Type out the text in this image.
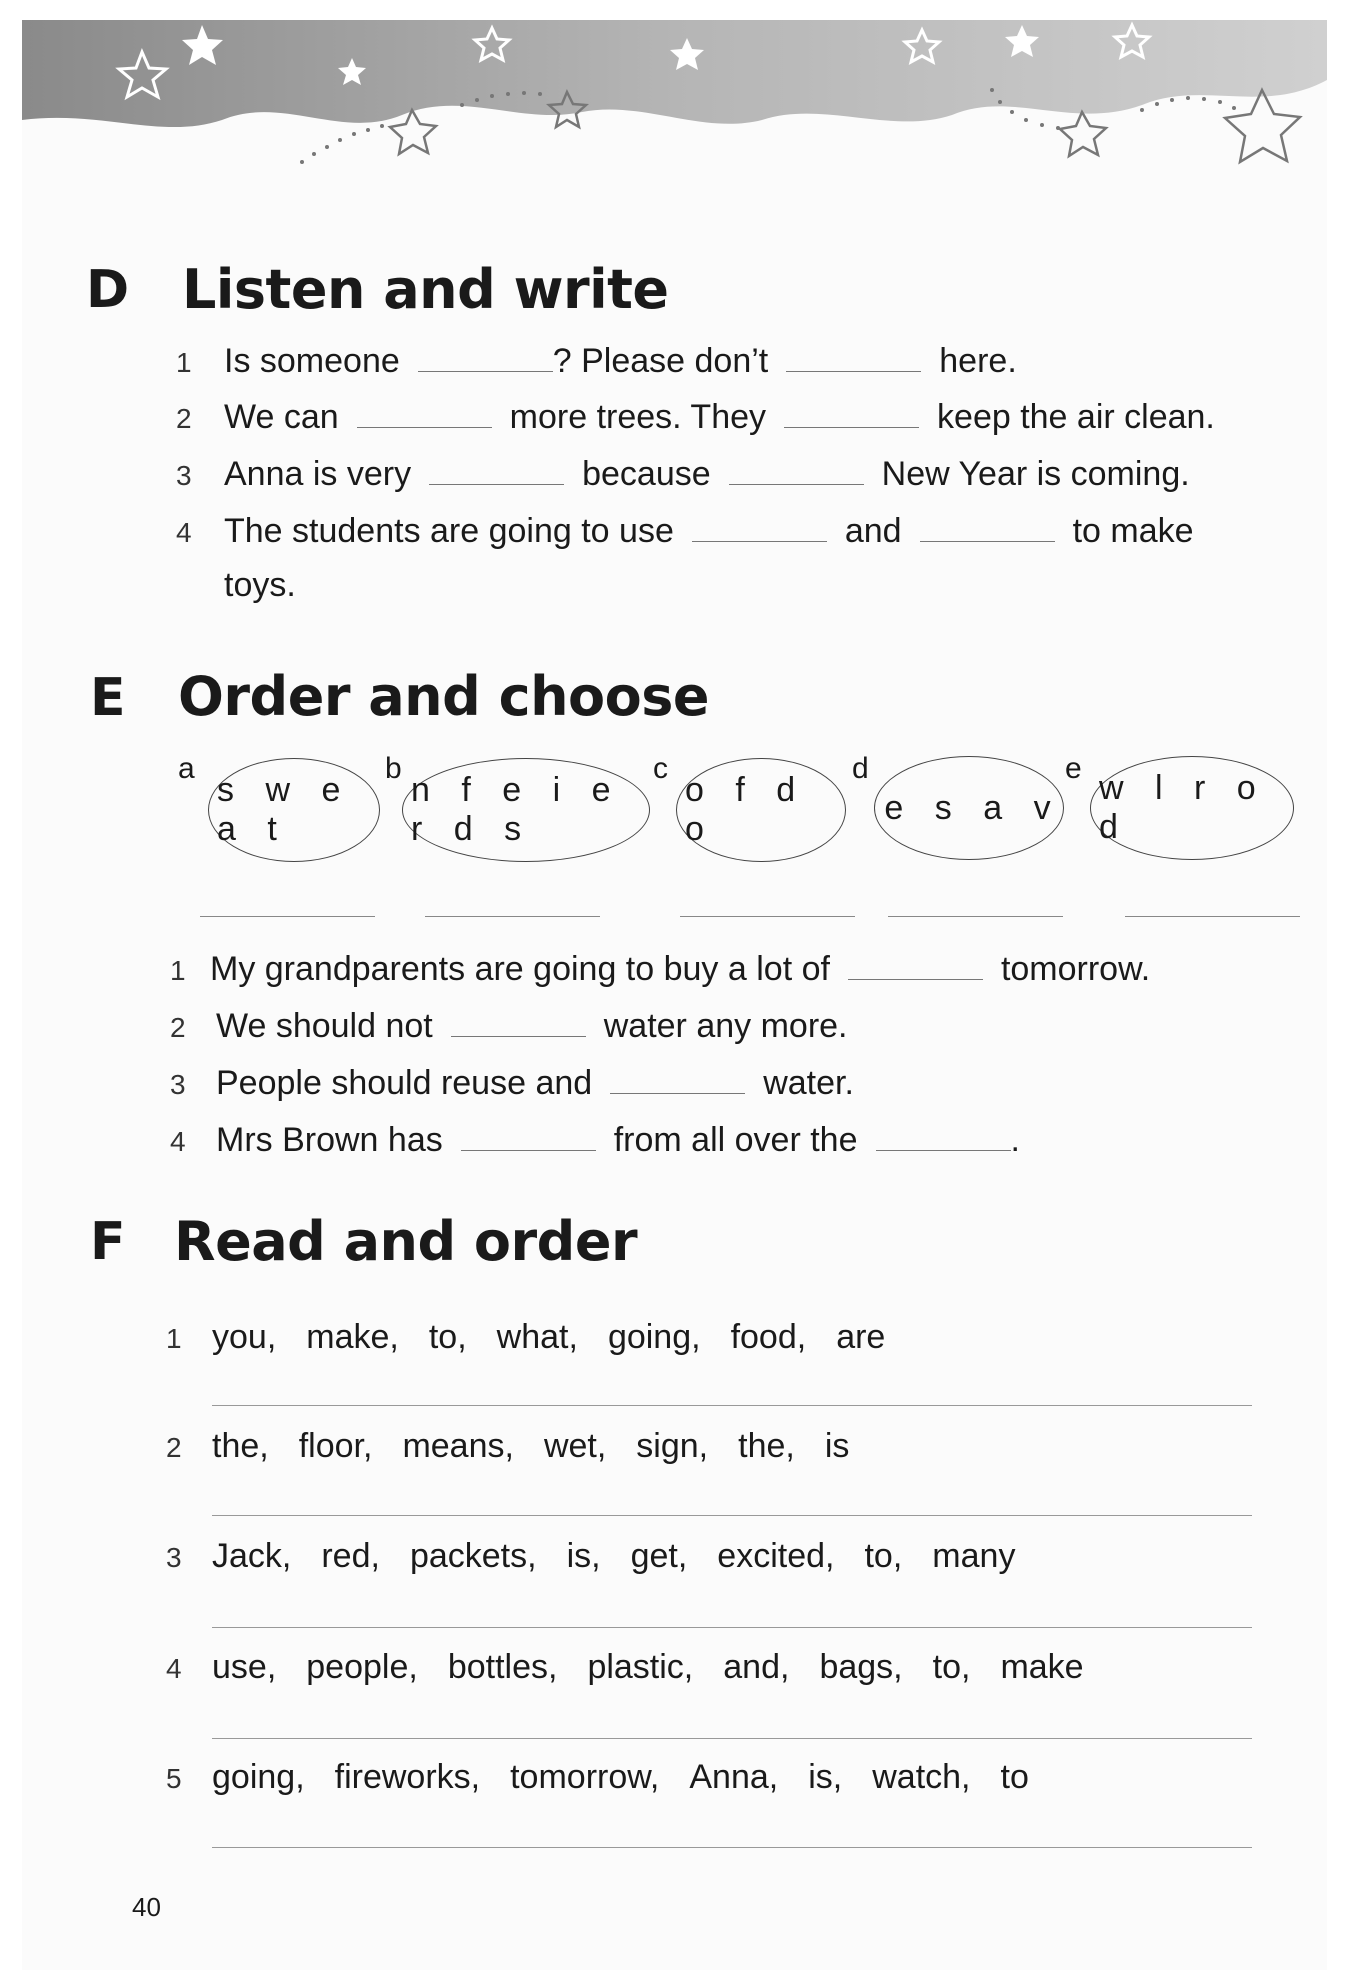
D Listen and write
1 Is someone	? Please don’t	here.
2 We can	more trees. They	keep the air clean.
3 Anna is very	because	New Year is coming.
4 The students are going to use	and	to make
toys.
E Order and choose
a
s w e a t
b
n f e i e r d s
c
o f d o
d
e s a v
e
w l r o d
1 My grandparents are going to buy a lot of	tomorrow.
2 We should not	water any more.
3 People should reuse and	water.
4 Mrs Brown has	from all over the	.
F Read and order
1 you, make, to, what, going, food, are
2 the, floor, means, wet, sign, the, is
3 Jack, red, packets, is, get, excited, to, many
4 use, people, bottles, plastic, and, bags, to, make
5 going, fireworks, tomorrow, Anna, is, watch, to
40
